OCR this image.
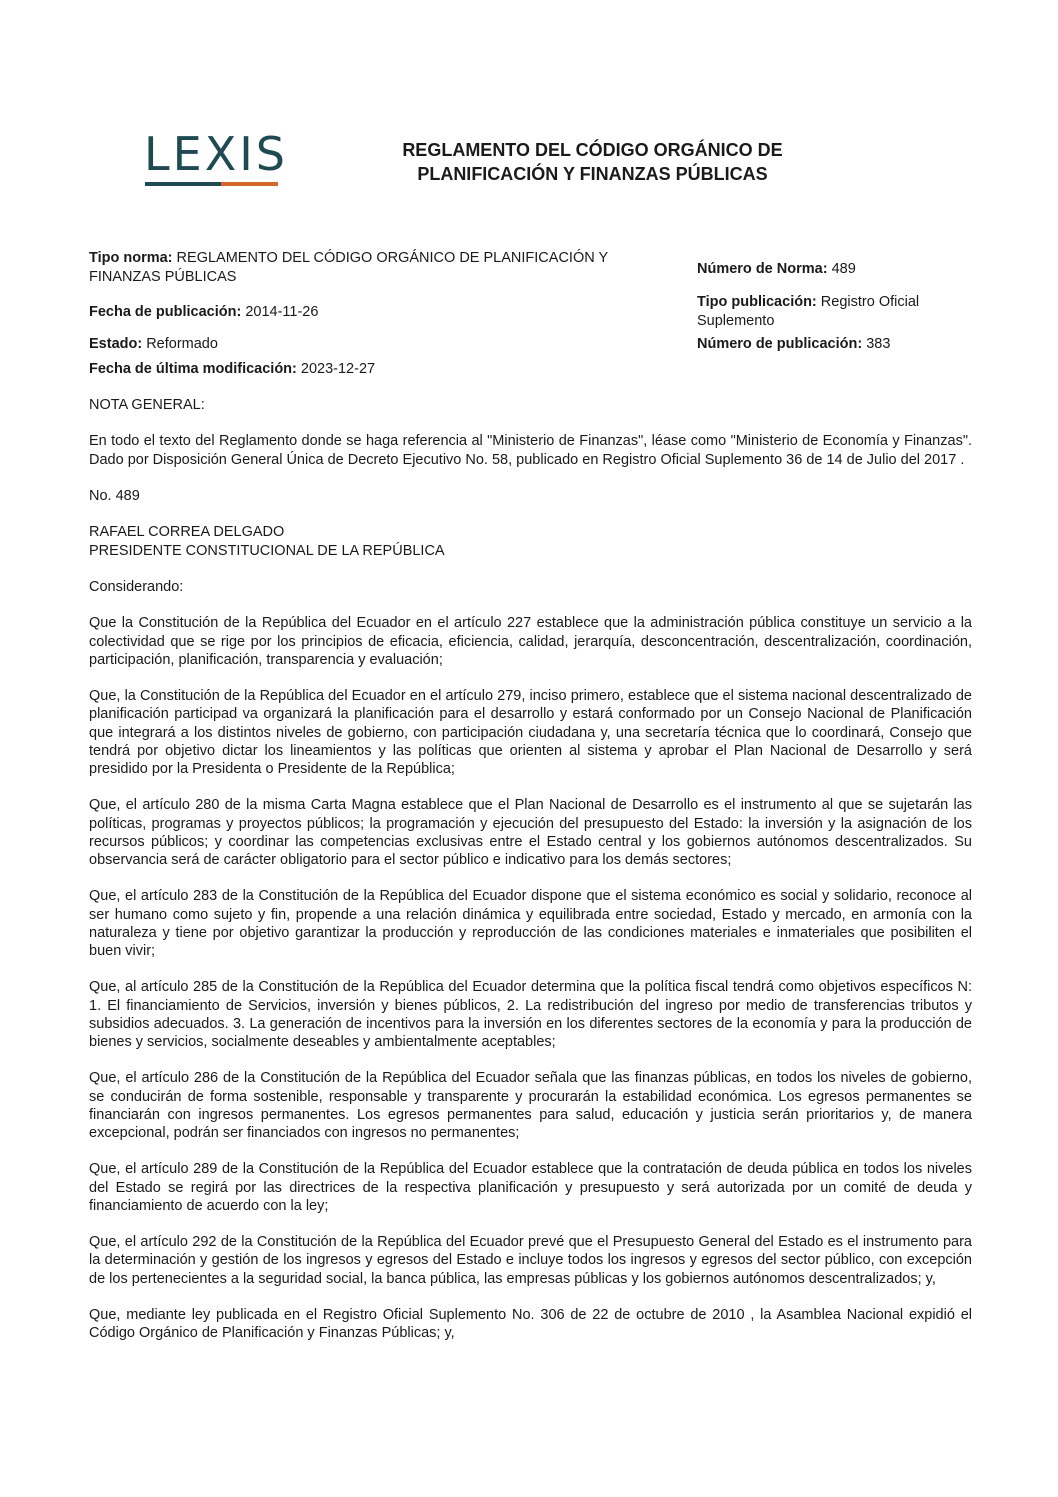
LEXIS	REGLAMENTO DEL CÓDIGO ORGÁNICO DE
PLANIFICACIÓN Y FINANZAS PÚBLICAS
Tipo norma: REGLAMENTO DEL CÓDIGO ORGÁNICO DE PLANIFICACIÓN Y FINANZAS PÚBLICAS
Fecha de publicación: 2014-11-26
Estado: Reformado
Fecha de última modificación: 2023-12-27
Número de Norma: 489
Tipo publicación: Registro Oficial Suplemento
Número de publicación: 383

NOTA GENERAL:

En todo el texto del Reglamento donde se haga referencia al "Ministerio de Finanzas", léase como "Ministerio de Economía y Finanzas". Dado por Disposición General Única de Decreto Ejecutivo No. 58, publicado en Registro Oficial Suplemento 36 de 14 de Julio del 2017 .

No. 489

RAFAEL CORREA DELGADO
PRESIDENTE CONSTITUCIONAL DE LA REPÚBLICA

Considerando:

Que la Constitución de la República del Ecuador en el artículo 227 establece que la administración pública constituye un servicio a la colectividad que se rige por los principios de eficacia, eficiencia, calidad, jerarquía, desconcentración, descentralización, coordinación, participación, planificación, transparencia y evaluación;

Que, la Constitución de la República del Ecuador en el artículo 279, inciso primero, establece que el sistema nacional descentralizado de planificación participad va organizará la planificación para el desarrollo y estará conformado por un Consejo Nacional de Planificación que integrará a los distintos niveles de gobierno, con participación ciudadana y, una secretaría técnica que lo coordinará, Consejo que tendrá por objetivo dictar los lineamientos y las políticas que orienten al sistema y aprobar el Plan Nacional de Desarrollo y será presidido por la Presidenta o Presidente de la República;

Que, el artículo 280 de la misma Carta Magna establece que el Plan Nacional de Desarrollo es el instrumento al que se sujetarán las políticas, programas y proyectos públicos; la programación y ejecución del presupuesto del Estado: la inversión y la asignación de los recursos públicos; y coordinar las competencias exclusivas entre el Estado central y los gobiernos autónomos descentralizados. Su observancia será de carácter obligatorio para el sector público e indicativo para los demás sectores;

Que, el artículo 283 de la Constitución de la República del Ecuador dispone que el sistema económico es social y solidario, reconoce al ser humano como sujeto y fin, propende a una relación dinámica y equilibrada entre sociedad, Estado y mercado, en armonía con la naturaleza y tiene por objetivo garantizar la producción y reproducción de las condiciones materiales e inmateriales que posibiliten el buen vivir;

Que, al artículo 285 de la Constitución de la República del Ecuador determina que la política fiscal tendrá como objetivos específicos N: 1. El financiamiento de Servicios, inversión y bienes públicos, 2. La redistribución del ingreso por medio de transferencias tributos y subsidios adecuados. 3. La generación de incentivos para la inversión en los diferentes sectores de la economía y para la producción de bienes y servicios, socialmente deseables y ambientalmente aceptables;

Que, el artículo 286 de la Constitución de la República del Ecuador señala que las finanzas públicas, en todos los niveles de gobierno, se conducirán de forma sostenible, responsable y transparente y procurarán la estabilidad económica. Los egresos permanentes se financiarán con ingresos permanentes. Los egresos permanentes para salud, educación y justicia serán prioritarios y, de manera excepcional, podrán ser financiados con ingresos no permanentes;

Que, el artículo 289 de la Constitución de la República del Ecuador establece que la contratación de deuda pública en todos los niveles del Estado se regirá por las directrices de la respectiva planificación y presupuesto y será autorizada por un comité de deuda y financiamiento de acuerdo con la ley;

Que, el artículo 292 de la Constitución de la República del Ecuador prevé que el Presupuesto General del Estado es el instrumento para la determinación y gestión de los ingresos y egresos del Estado e incluye todos los ingresos y egresos del sector público, con excepción de los pertenecientes a la seguridad social, la banca pública, las empresas públicas y los gobiernos autónomos descentralizados; y,

Que, mediante ley publicada en el Registro Oficial Suplemento No. 306 de 22 de octubre de 2010 , la Asamblea Nacional expidió el Código Orgánico de Planificación y Finanzas Públicas; y,
